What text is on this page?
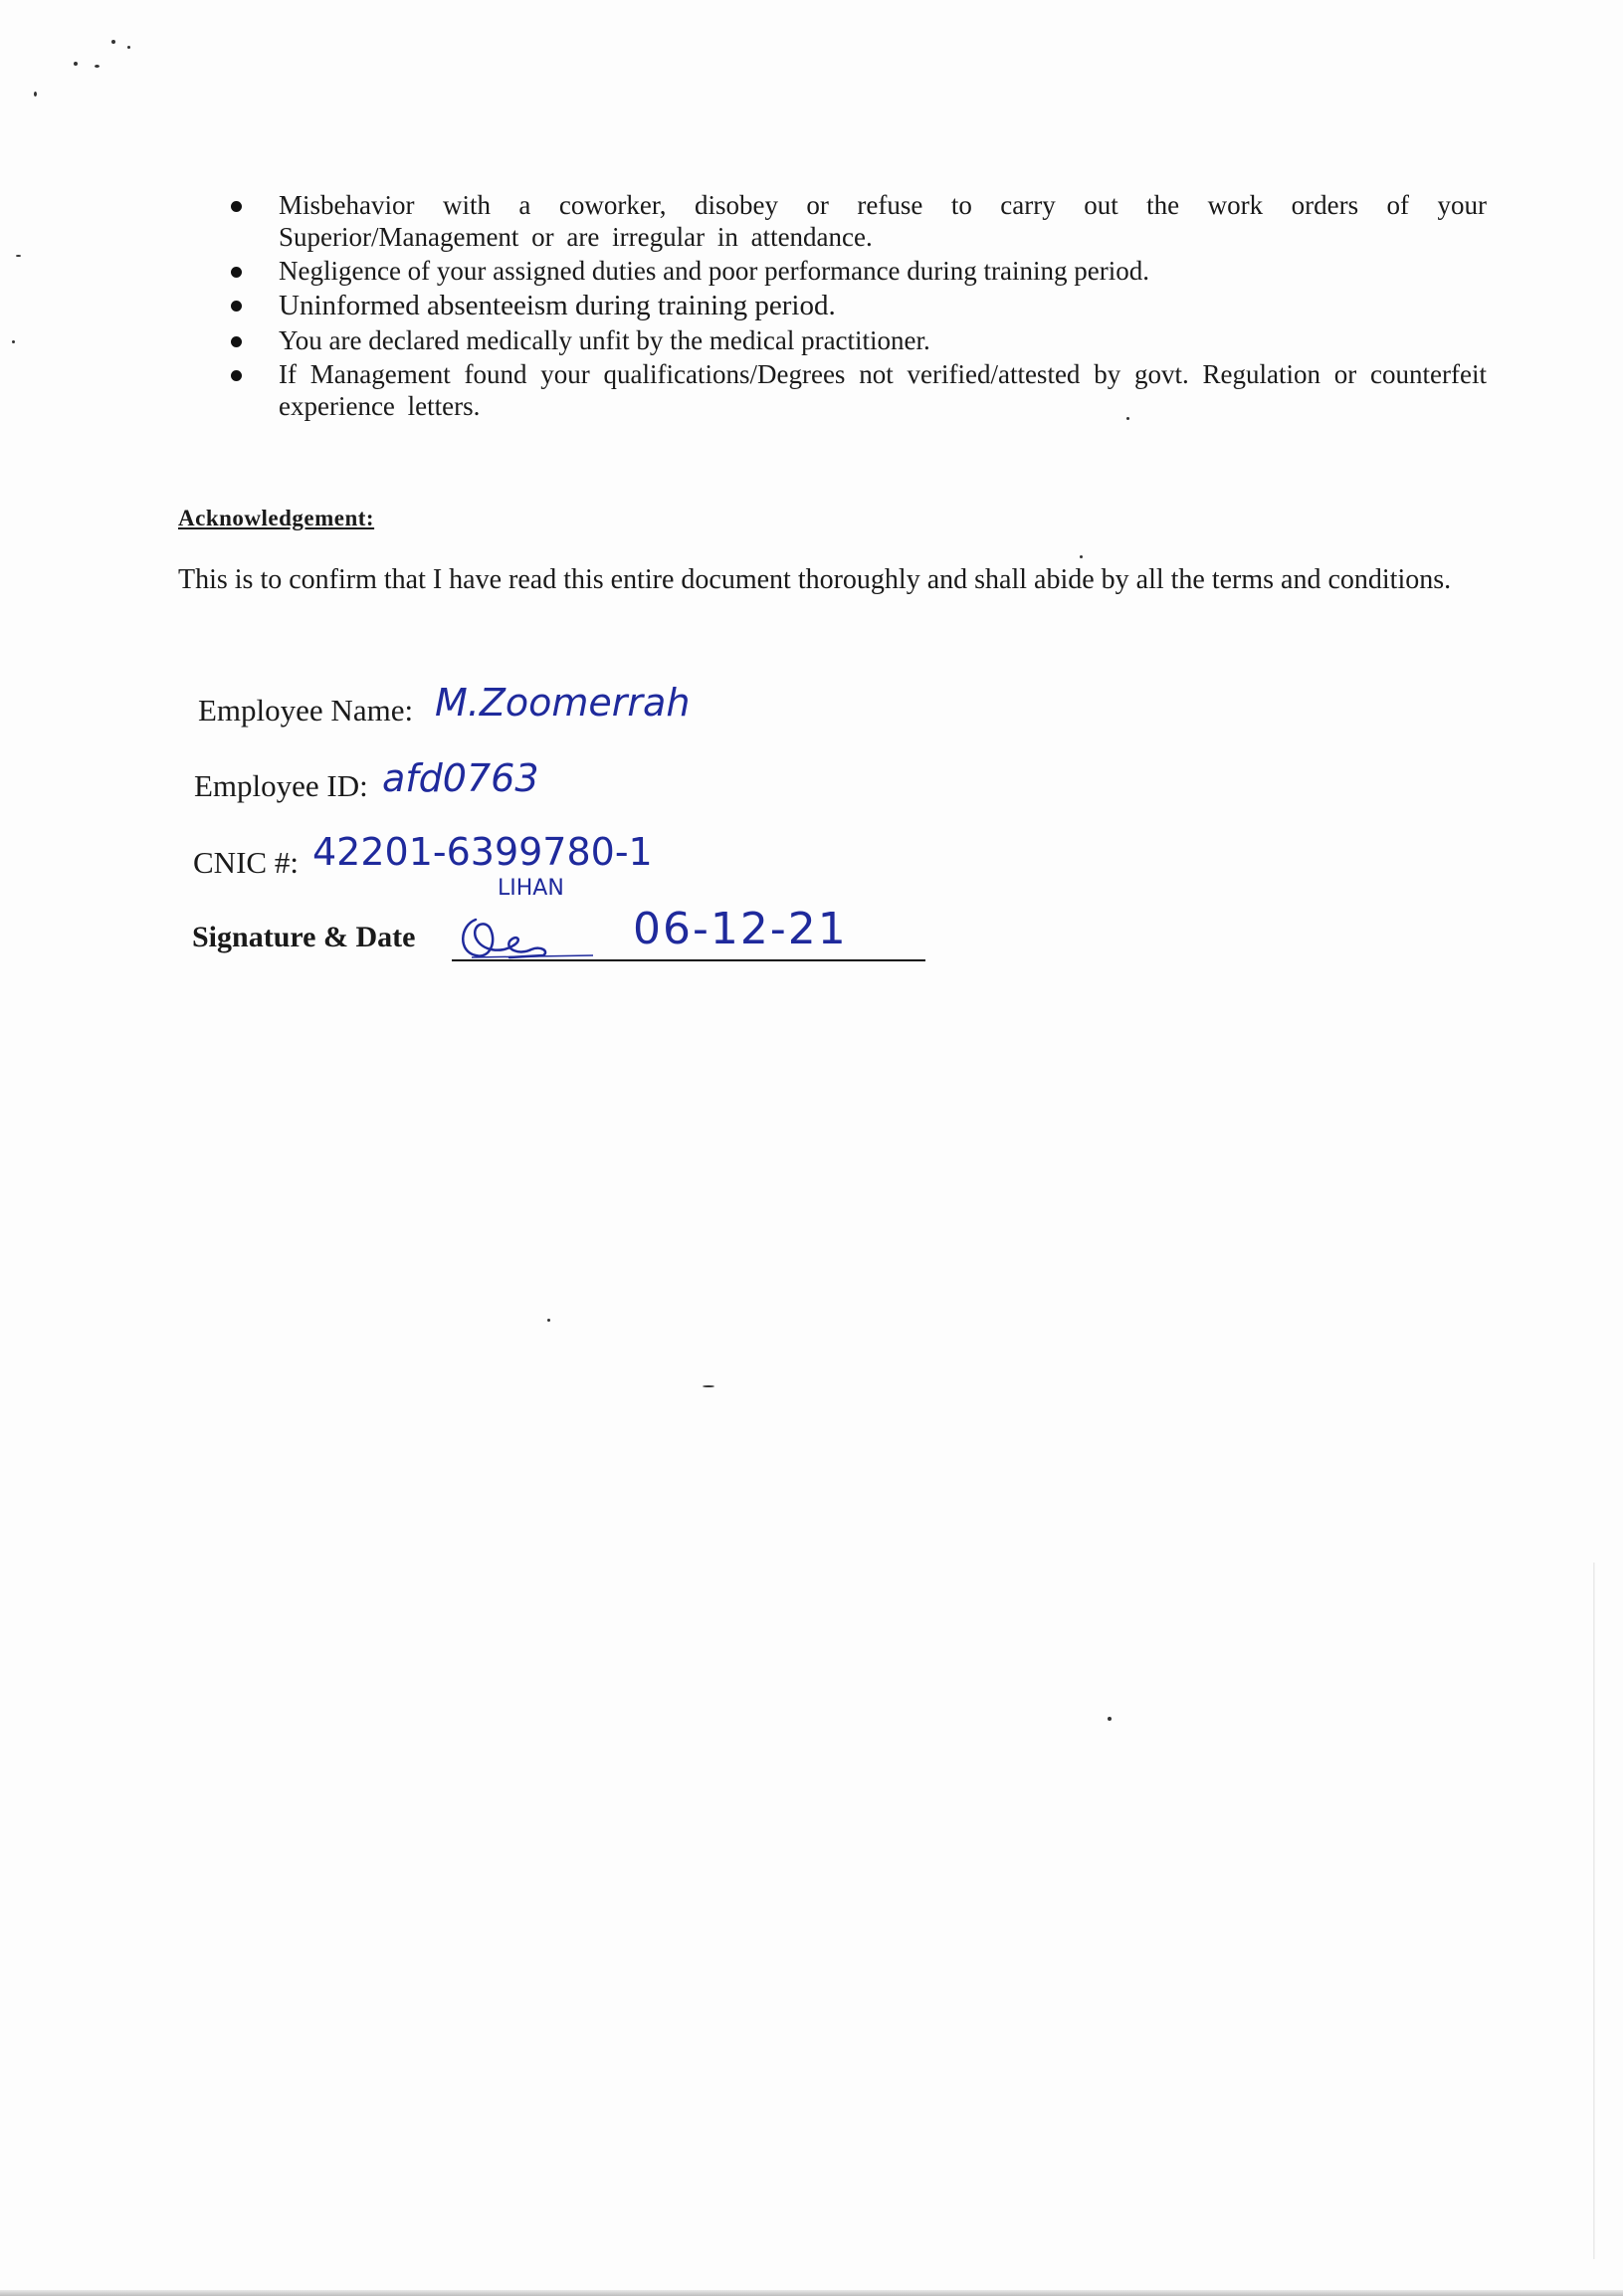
Misbehavior with a coworker, disobey or refuse to carry out the work orders of your Superior/Management or are irregular in attendance.
Negligence of your assigned duties and poor performance during training period.
Uninformed absenteeism during training period.
You are declared medically unfit by the medical practitioner.
If Management found your qualifications/Degrees not verified/attested by govt. Regulation or counterfeit experience letters.
Acknowledgement:
This is to confirm that I have read this entire document thoroughly and shall abide by all the terms and conditions.
Employee Name: M.Zoomerrah
Employee ID: afd0763
CNIC #: 42201-6399780-1
Signature & Date
LIHAN
06-12-21
